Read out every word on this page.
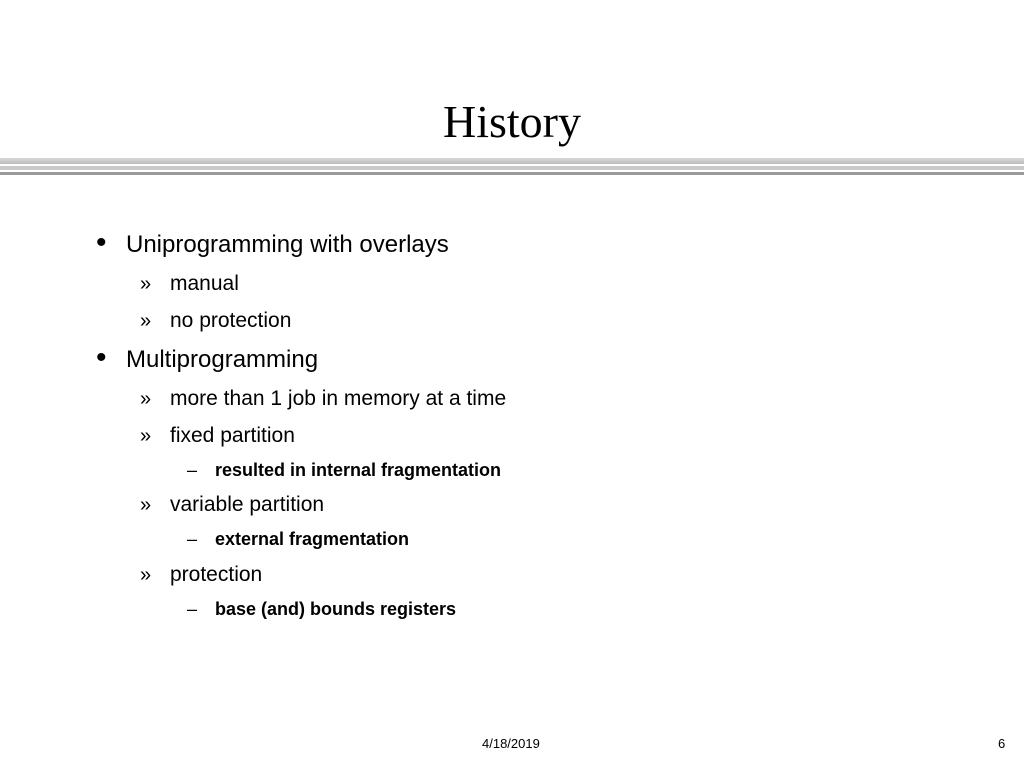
History
• Uniprogramming with overlays
» manual
» no protection
• Multiprogramming
» more than 1 job in memory at a time
» fixed partition
– resulted in internal fragmentation
» variable partition
– external fragmentation
» protection
– base (and) bounds registers
4/18/2019	6
